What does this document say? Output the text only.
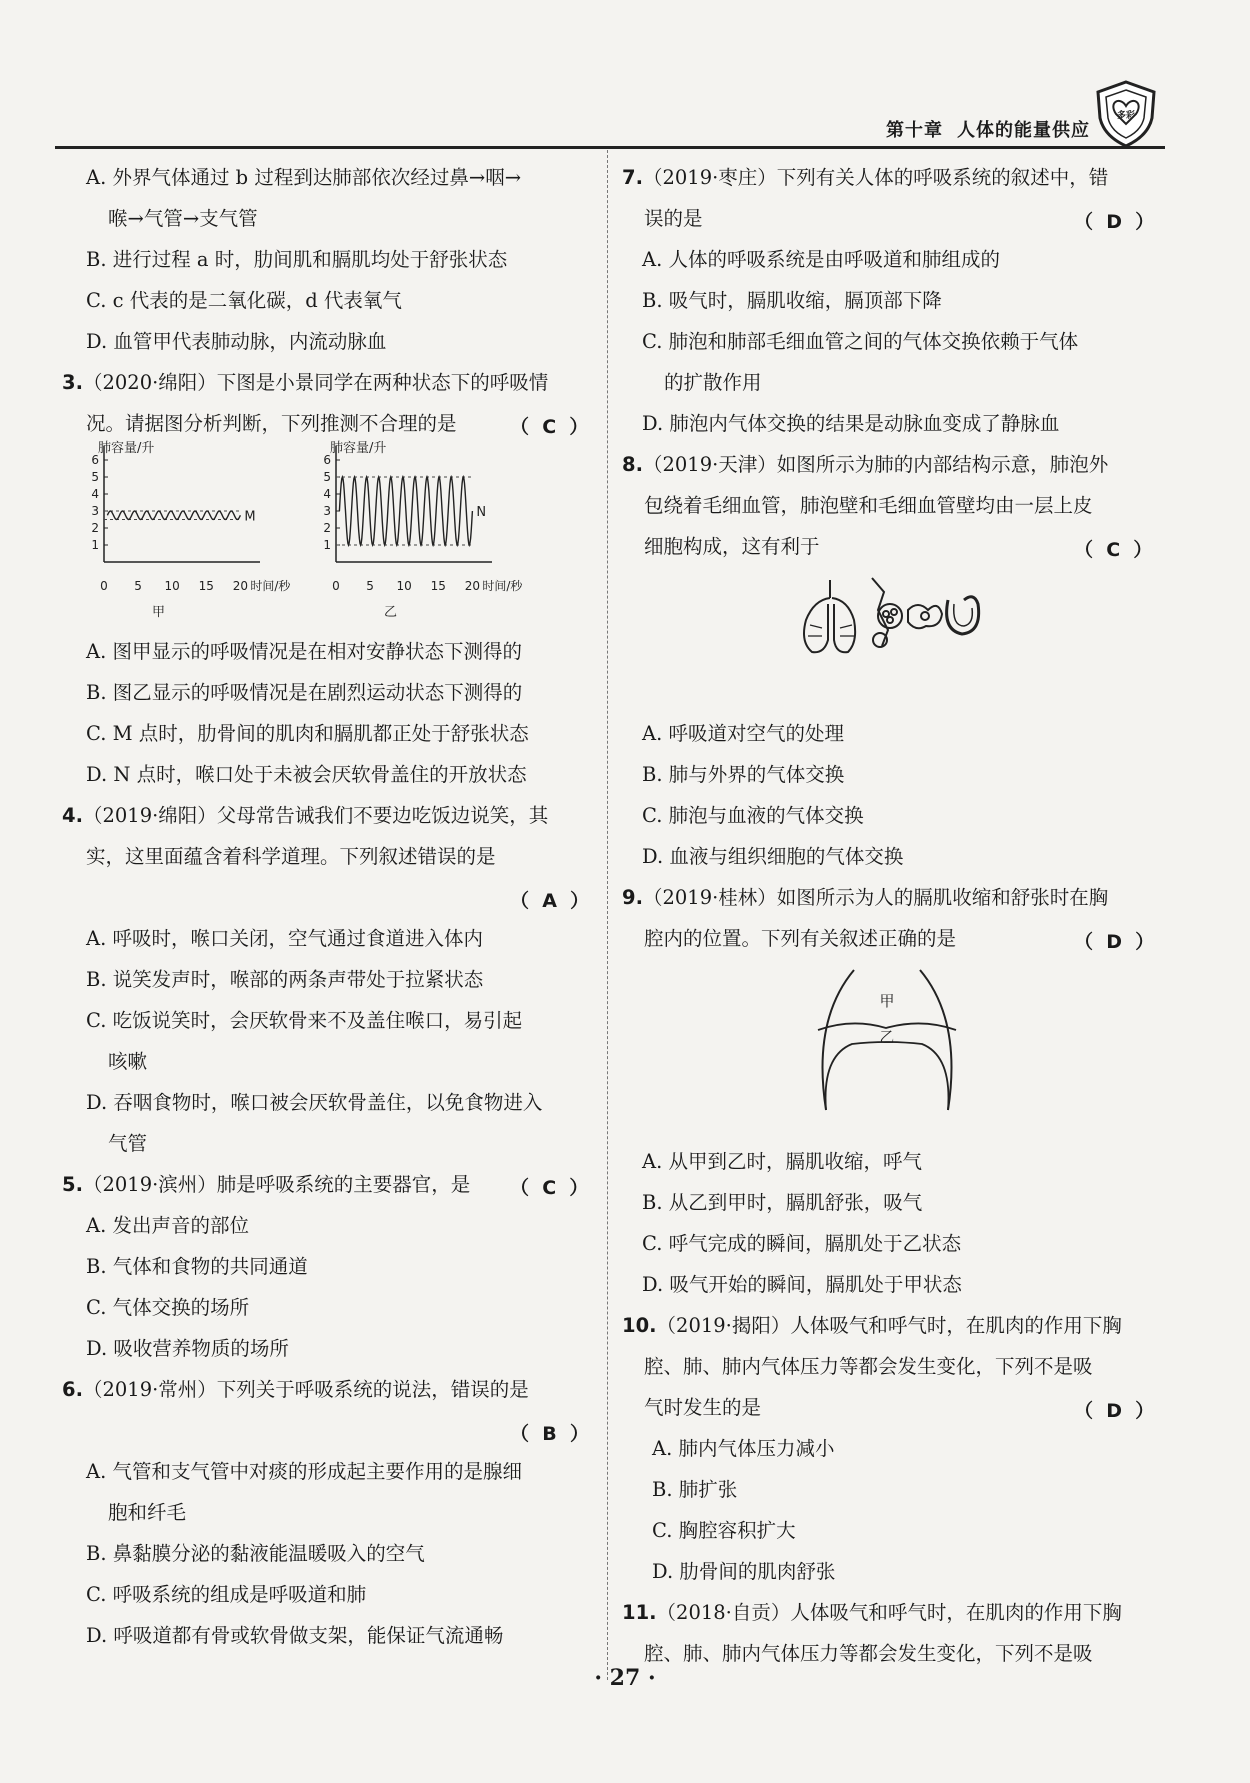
第十章 人体的能量供应
多彩
肺容量/升
1
2
3
4
5
6
0 5 10 15 20 时间/秒
甲
M
肺容量/升
1
2
3
4
5
6
0 5 10 15 20 时间/秒
乙
N
A. 外界气体通过 b 过程到达肺部依次经过鼻→咽→
喉→气管→支气管
B. 进行过程 a 时，肋间肌和膈肌均处于舒张状态
C. c 代表的是二氧化碳，d 代表氧气
D. 血管甲代表肺动脉，内流动脉血
A. 图甲显示的呼吸情况是在相对安静状态下测得的
B. 图乙显示的呼吸情况是在剧烈运动状态下测得的
C. M 点时，肋骨间的肌肉和膈肌都正处于舒张状态
D. N 点时，喉口处于未被会厌软骨盖住的开放状态
实，这里面蕴含着科学道理。下列叙述错误的是
A. 呼吸时，喉口关闭，空气通过食道进入体内
B. 说笑发声时，喉部的两条声带处于拉紧状态
C. 吃饭说笑时，会厌软骨来不及盖住喉口，易引起
咳嗽
D. 吞咽食物时，喉口被会厌软骨盖住，以免食物进入
气管
A. 发出声音的部位
B. 气体和食物的共同通道
C. 气体交换的场所
D. 吸收营养物质的场所
A. 气管和支气管中对痰的形成起主要作用的是腺细
胞和纤毛
B. 鼻黏膜分泌的黏液能温暖吸入的空气
C. 呼吸系统的组成是呼吸道和肺
D. 呼吸道都有骨或软骨做支架，能保证气流通畅
3.（2020·绵阳）下图是小景同学在两种状态下的呼吸情
况。请据图分析判断，下列推测不合理的是
4.（2019·绵阳）父母常告诫我们不要边吃饭边说笑，其
5.（2019·滨州）肺是呼吸系统的主要器官，是
6.（2019·常州）下列关于呼吸系统的说法，错误的是
（  C  ）
（  A  ）
（  C  ）
（  B  ）
甲
乙
误的是
A. 人体的呼吸系统是由呼吸道和肺组成的
B. 吸气时，膈肌收缩，膈顶部下降
C. 肺泡和肺部毛细血管之间的气体交换依赖于气体
的扩散作用
D. 肺泡内气体交换的结果是动脉血变成了静脉血
包绕着毛细血管，肺泡壁和毛细血管壁均由一层上皮
细胞构成，这有利于
A. 呼吸道对空气的处理
B. 肺与外界的气体交换
C. 肺泡与血液的气体交换
D. 血液与组织细胞的气体交换
腔内的位置。下列有关叙述正确的是
A. 从甲到乙时，膈肌收缩，呼气
B. 从乙到甲时，膈肌舒张，吸气
C. 呼气完成的瞬间，膈肌处于乙状态
D. 吸气开始的瞬间，膈肌处于甲状态
腔、肺、肺内气体压力等都会发生变化，下列不是吸
气时发生的是
A. 肺内气体压力减小
B. 肺扩张
C. 胸腔容积扩大
D. 肋骨间的肌肉舒张
腔、肺、肺内气体压力等都会发生变化，下列不是吸
7.（2019·枣庄）下列有关人体的呼吸系统的叙述中，错
8.（2019·天津）如图所示为肺的内部结构示意，肺泡外
9.（2019·桂林）如图所示为人的膈肌收缩和舒张时在胸
10.（2019·揭阳）人体吸气和呼气时，在肌肉的作用下胸
11.（2018·自贡）人体吸气和呼气时，在肌肉的作用下胸
（  D  ）
（  C  ）
（  D  ）
（  D  ）
· 27 ·
